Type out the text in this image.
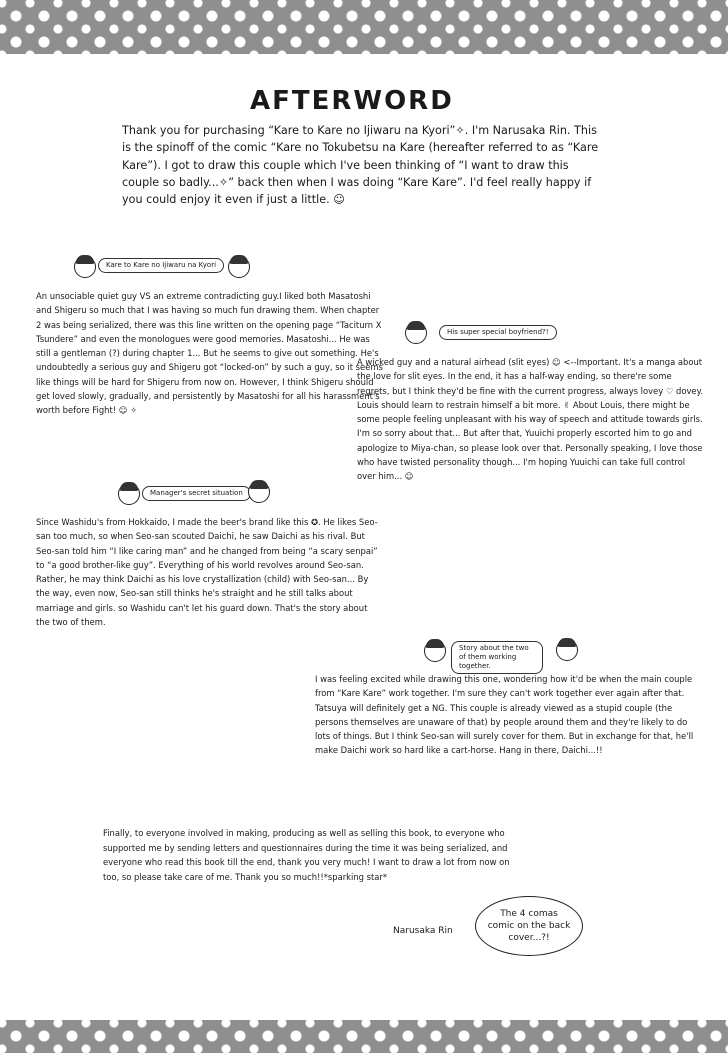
AFTERWORD
Thank you for purchasing “Kare to Kare no Ijiwaru na Kyori”✧. I'm Narusaka Rin. This is the spinoff of the comic “Kare no Tokubetsu na Kare (hereafter referred to as “Kare Kare”). I got to draw this couple which I've been thinking of “I want to draw this couple so badly...✧” back then when I was doing “Kare Kare”. I'd feel really happy if you could enjoy it even if just a little. ☺
Kare to Kare no Ijiwaru na Kyori
An unsociable quiet guy VS an extreme contradicting guy.I liked both Masatoshi and Shigeru so much that I was having so much fun drawing them. When chapter 2 was being serialized, there was this line written on the opening page “Taciturn X Tsundere” and even the monologues were good memories. Masatoshi... He was still a gentleman (?) during chapter 1... But he seems to give out something. He's undoubtedly a serious guy and Shigeru got “locked-on” by such a guy, so it seems like things will be hard for Shigeru from now on. However, I think Shigeru should get loved slowly, gradually, and persistently by Masatoshi for all his harassment's worth before Fight! ☺ ✧
His super special boyfriend?!
A wicked guy and a natural airhead (slit eyes) ☺ <--Important. It's a manga about the love for slit eyes. In the end, it has a half-way ending, so there're some regrets, but I think they'd be fine with the current progress, always lovey ♡ dovey. Louis should learn to restrain himself a bit more. ✌ About Louis, there might be some people feeling unpleasant with his way of speech and attitude towards girls. I'm so sorry about that... But after that, Yuuichi properly escorted him to go and apologize to Miya-chan, so please look over that. Personally speaking, I love those who have twisted personality though... I'm hoping Yuuichi can take full control over him... ☺
Manager's secret situation
Since Washidu's from Hokkaido, I made the beer's brand like this ✪. He likes Seo-san too much, so when Seo-san scouted Daichi, he saw Daichi as his rival. But Seo-san told him “I like caring man” and he changed from being “a scary senpai” to “a good brother-like guy”. Everything of his world revolves around Seo-san. Rather, he may think Daichi as his love crystallization (child) with Seo-san... By the way, even now, Seo-san still thinks he's straight and he still talks about marriage and girls. so Washidu can't let his guard down. That's the story about the two of them.
Story about the two of them working together.
I was feeling excited while drawing this one, wondering how it'd be when the main couple from “Kare Kare” work together. I'm sure they can't work together ever again after that. Tatsuya will definitely get a NG. This couple is already viewed as a stupid couple (the persons themselves are unaware of that) by people around them and they're likely to do lots of things. But I think Seo-san will surely cover for them. But in exchange for that, he'll make Daichi work so hard like a cart-horse. Hang in there, Daichi...!!
Finally, to everyone involved in making, producing as well as selling this book, to everyone who supported me by sending letters and questionnaires during the time it was being serialized, and everyone who read this book till the end, thank you very much! I want to draw a lot from now on too, so please take care of me. Thank you so much!!*sparking star*
Narusaka Rin
The 4 comas comic on the back cover...?!
